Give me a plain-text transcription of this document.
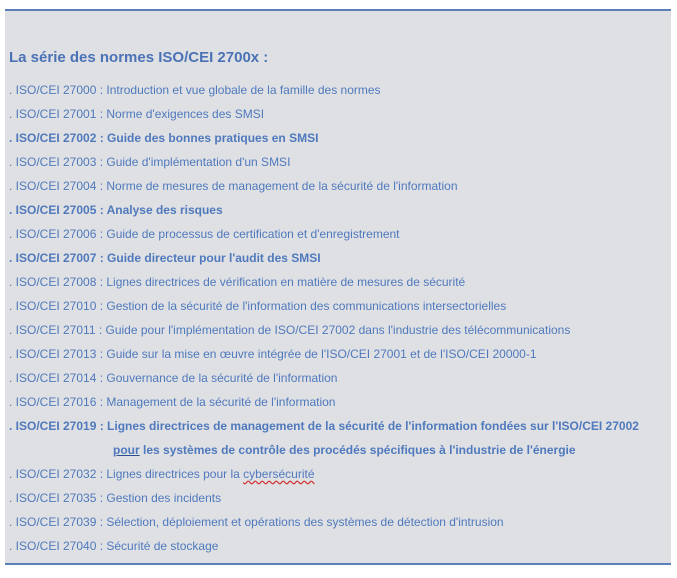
La série des normes ISO/CEI 2700x :
. ISO/CEI 27000 : Introduction et vue globale de la famille des normes
. ISO/CEI 27001 : Norme d'exigences des SMSI
. ISO/CEI 27002 : Guide des bonnes pratiques en SMSI
. ISO/CEI 27003 : Guide d'implémentation d'un SMSI
. ISO/CEI 27004 : Norme de mesures de management de la sécurité de l'information
. ISO/CEI 27005 : Analyse des risques
. ISO/CEI 27006 : Guide de processus de certification et d'enregistrement
. ISO/CEI 27007 : Guide directeur pour l'audit des SMSI
. ISO/CEI 27008 : Lignes directrices de vérification en matière de mesures de sécurité
. ISO/CEI 27010 : Gestion de la sécurité de l'information des communications intersectorielles
. ISO/CEI 27011 : Guide pour l'implémentation de ISO/CEI 27002 dans l'industrie des télécommunications
. ISO/CEI 27013 : Guide sur la mise en œuvre intégrée de l'ISO/CEI 27001 et de l'ISO/CEI 20000-1
. ISO/CEI 27014 : Gouvernance de la sécurité de l'information
. ISO/CEI 27016 : Management de la sécurité de l'information
. ISO/CEI 27019 : Lignes directrices de management de la sécurité de l'information fondées sur l'ISO/CEI 27002
pour les systèmes de contrôle des procédés spécifiques à l'industrie de l'énergie
. ISO/CEI 27032 : Lignes directrices pour la cybersécurité
. ISO/CEI 27035 : Gestion des incidents
. ISO/CEI 27039 : Sélection, déploiement et opérations des systèmes de détection d'intrusion
. ISO/CEI 27040 : Sécurité de stockage
